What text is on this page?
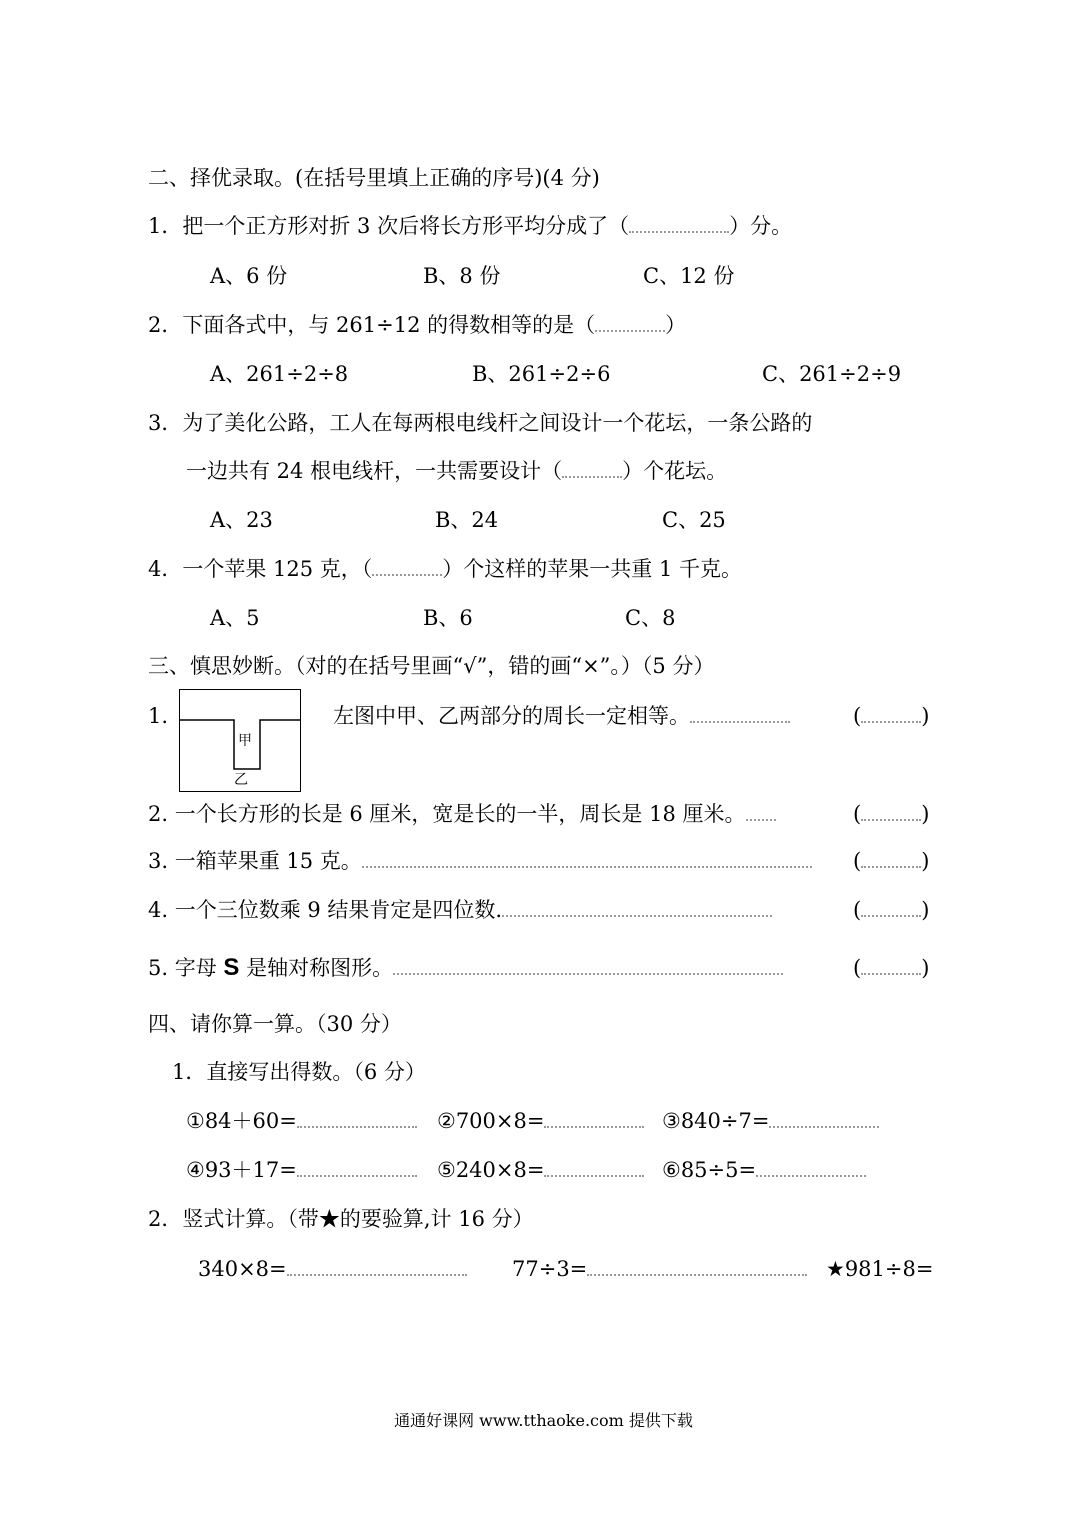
二、择优录取。(在括号里填上正确的序号)(4 分)
1．把一个正方形对折 3 次后将长方形平均分成了（	）分。
A、6 份	B、8 份	C、12 份
2．下面各式中，与 261÷12 的得数相等的是（	）
A、261÷2÷8	B、261÷2÷6	C、261÷2÷9
3．为了美化公路，工人在每两根电线杆之间设计一个花坛，一条公路的
一边共有 24 根电线杆，一共需要设计（	）个花坛。
A、23	B、24	C、25
4．一个苹果 125 克，（	）个这样的苹果一共重 1 千克。
A、5	B、6	C、8
三、慎思妙断。（对的在括号里画“√”，错的画“×”。）（5 分）
1.
甲
乙
左图中甲、乙两部分的周长一定相等。	(	)
2. 一个长方形的长是 6 厘米，宽是长的一半，周长是 18 厘米。	(	)
3. 一箱苹果重 15 克。	(	)
4. 一个三位数乘 9 结果肯定是四位数.	(	)
5. 字母 S 是轴对称图形。	(	)
四、请你算一算。（30 分）
1．直接写出得数。（6 分）
①84＋60=	②700×8=	③840÷7=
④93＋17=	⑤240×8=	⑥85÷5=
2．竖式计算。（带★的要验算,计 16 分）
340×8=	77÷3=	★981÷8=
通通好课网 www.tthaoke.com 提供下载
